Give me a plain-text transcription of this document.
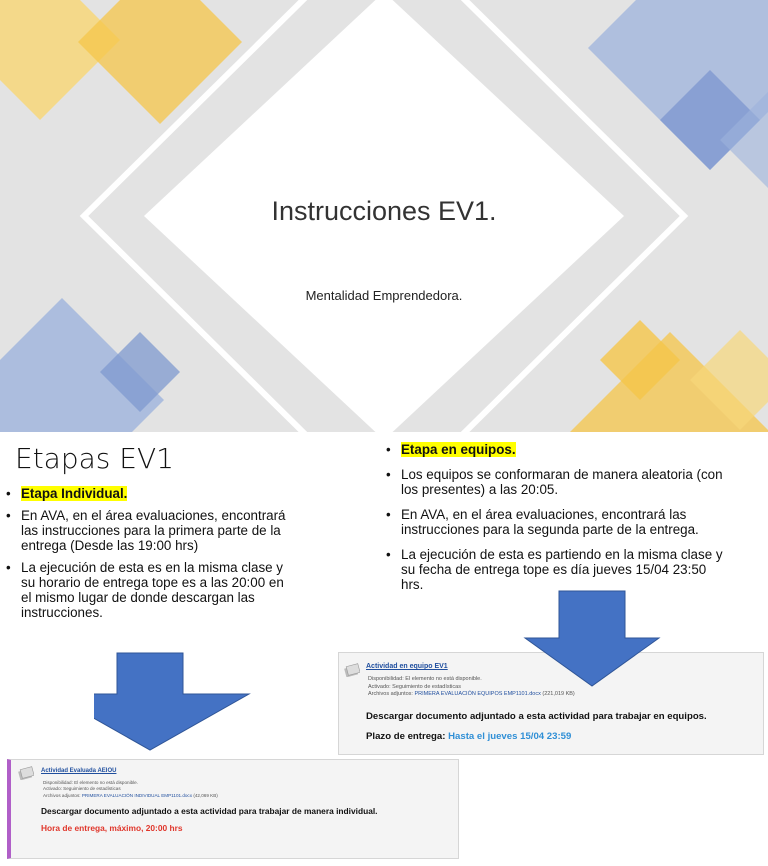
Instrucciones EV1.
Mentalidad Emprendedora.
Etapas EV1
• Etapa Individual.
• En AVA, en el área evaluaciones, encontrará las instrucciones para la primera parte de la entrega (Desde las 19:00 hrs)
• La ejecución de esta es en la misma clase y su horario de entrega tope es a las 20:00 en el mismo lugar de donde descargan las instrucciones.
• Etapa en equipos.
• Los equipos se conformaran de manera aleatoria (con los presentes) a las 20:05.
• En AVA, en el área evaluaciones, encontrará las instrucciones para la segunda parte de la entrega.
• La ejecución de esta es partiendo en la misma clase y su fecha de entrega tope es día jueves 15/04 23:50 hrs.
Actividad en equipo EV1
Disponibilidad: El elemento no está disponible.
Activado: Seguimiento de estadísticas
Archivos adjuntos: PRIMERA EVALUACIÓN EQUIPOS EMP1101.docx (221,019 KB)
Descargar documento adjuntado a esta actividad para trabajar en equipos.
Plazo de entrega: Hasta el jueves 15/04 23:59
Actividad Evaluada AEIOU
Disponibilidad: El elemento no está disponible.
Activado: Seguimiento de estadísticas
Archivos adjuntos: PRIMERA EVALUACIÓN INDIVIDUAL EMP1101.docx (42,069 KB)
Descargar documento adjuntado a esta actividad para trabajar de manera individual.
Hora de entrega, máximo, 20:00 hrs
